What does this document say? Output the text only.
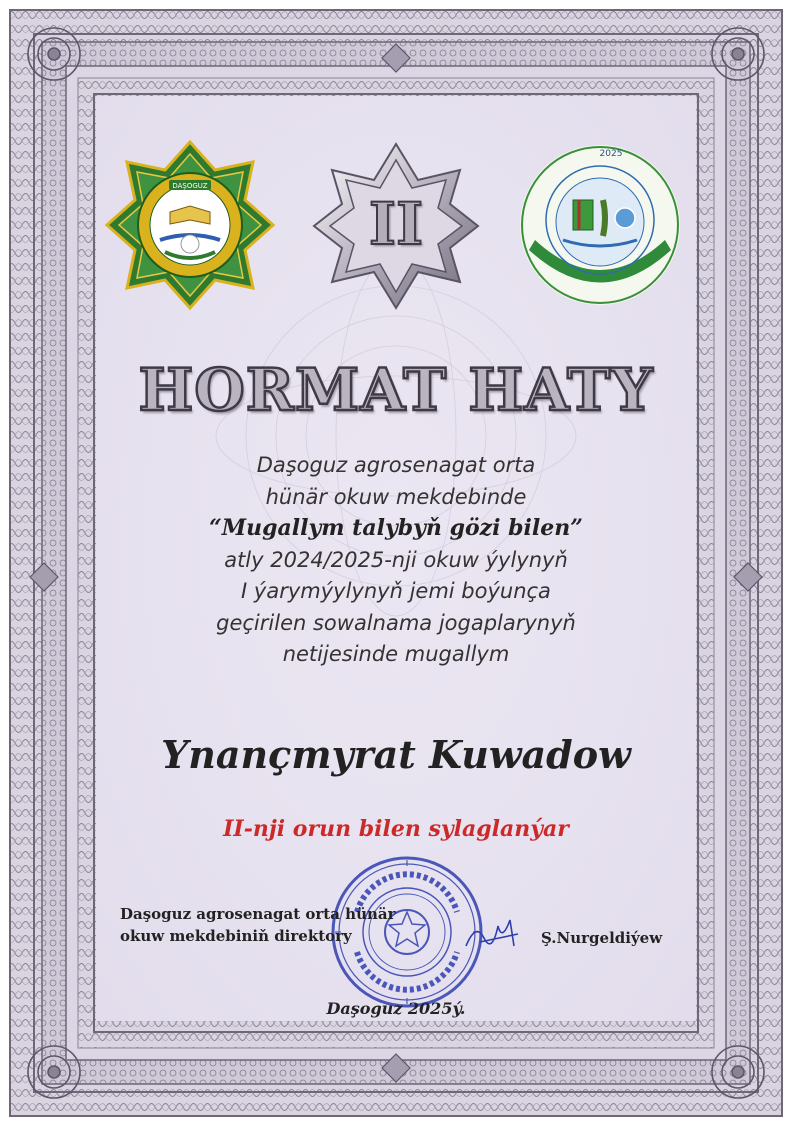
DAŞOGUZ
II
2025
HORMAT HATY
Daşoguz agrosenagat orta
hünär okuw mekdebinde
“Mugallym talybyň gözi bilen”
atly 2024/2025-nji okuw ýylynyň
I ýarymýylynyň jemi boýunça
geçirilen sowalnama jogaplarynyň
netijesinde mugallym
Ynançmyrat Kuwadow
II-nji orun bilen sylaglanýar
Daşoguz agrosenagat orta hünär
okuw mekdebiniň direktory	Ş.Nurgeldiýew
Daşoguz 2025ý.
